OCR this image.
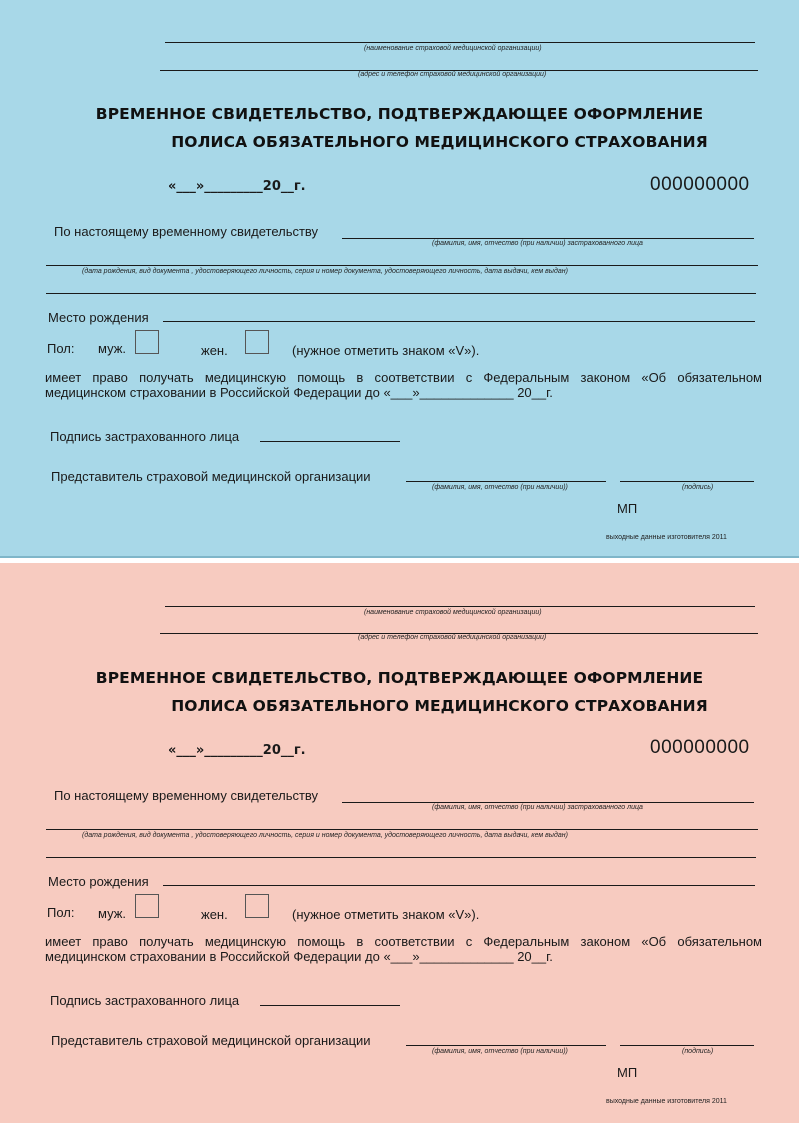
(наименование страховой медицинской организации)
(адрес и телефон страховой медицинской организации)
ВРЕМЕННОЕ СВИДЕТЕЛЬСТВО, ПОДТВЕРЖДАЮЩЕЕ ОФОРМЛЕНИЕ
ПОЛИСА ОБЯЗАТЕЛЬНОГО МЕДИЦИНСКОГО СТРАХОВАНИЯ
«___»_________20__г.	000000000
По настоящему временному свидетельству
(фамилия, имя, отчество (при наличии) застрахованного лица
(дата рождения, вид документа , удостоверяющего личность, серия и номер документа, удостоверяющего личность, дата выдачи, кем выдан)
Место рождения
Пол: муж.	жен.	(нужное отметить знаком «V»).
имеет право получать медицинскую помощь в соответствии с Федеральным законом «Об обязательном
медицинском страховании в Российской Федерации до «___»_____________ 20__г.
Подпись застрахованного лица
Представитель страховой медицинской организации
(фамилия, имя, отчество (при наличии))	(подпись)
МП
выходные данные изготовителя 2011
(наименование страховой медицинской организации)
(адрес и телефон страховой медицинской организации)
ВРЕМЕННОЕ СВИДЕТЕЛЬСТВО, ПОДТВЕРЖДАЮЩЕЕ ОФОРМЛЕНИЕ
ПОЛИСА ОБЯЗАТЕЛЬНОГО МЕДИЦИНСКОГО СТРАХОВАНИЯ
«___»_________20__г.	000000000
По настоящему временному свидетельству
(фамилия, имя, отчество (при наличии) застрахованного лица
(дата рождения, вид документа , удостоверяющего личность, серия и номер документа, удостоверяющего личность, дата выдачи, кем выдан)
Место рождения
Пол: муж.	жен.	(нужное отметить знаком «V»).
имеет право получать медицинскую помощь в соответствии с Федеральным законом «Об обязательном
медицинском страховании в Российской Федерации до «___»_____________ 20__г.
Подпись застрахованного лица
Представитель страховой медицинской организации
(фамилия, имя, отчество (при наличии))	(подпись)
МП
выходные данные изготовителя 2011
